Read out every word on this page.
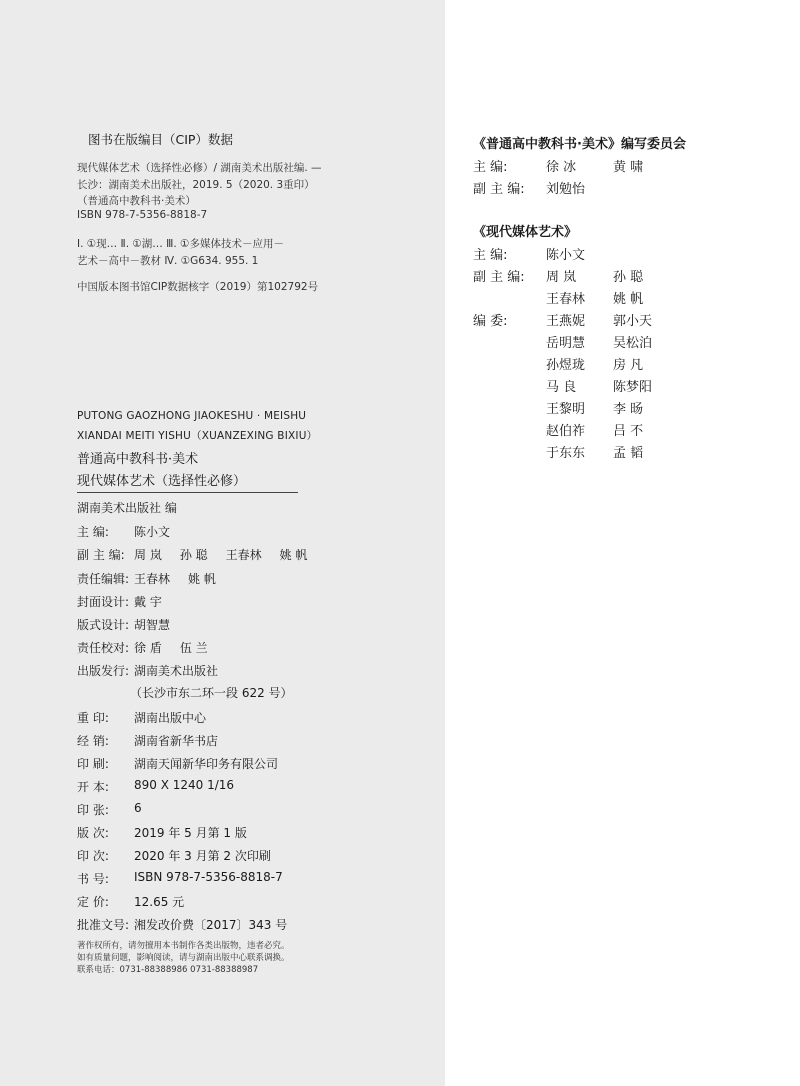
图书在版编目（CIP）数据
现代媒体艺术（选择性必修）/ 湖南美术出版社编. —
长沙：湖南美术出版社，2019. 5（2020. 3重印）
（普通高中教科书·美术）
ISBN 978-7-5356-8818-7
Ⅰ. ①现… Ⅱ. ①湖… Ⅲ. ①多媒体技术－应用－
艺术－高中－教材 Ⅳ. ①G634. 955. 1
中国版本图书馆CIP数据核字（2019）第102792号
PUTONG GAOZHONG JIAOKESHU · MEISHU
XIANDAI MEITI YISHU（XUANZEXING BIXIU）
普通高中教科书·美术
现代媒体艺术（选择性必修）
湖南美术出版社 编
主 编: 陈小文
副 主 编: 周 岚 孙 聪 王春林 姚 帆
责任编辑: 王春林 姚 帆
封面设计: 戴 宇
版式设计: 胡智慧
责任校对: 徐 盾 伍 兰
出版发行: 湖南美术出版社
（长沙市东二环一段 622 号）
重 印: 湖南出版中心
经 销: 湖南省新华书店
印 刷: 湖南天闻新华印务有限公司
开 本: 890 X 1240 1/16
印 张: 6
版 次: 2019 年 5 月第 1 版
印 次: 2020 年 3 月第 2 次印刷
书 号: ISBN 978-7-5356-8818-7
定 价: 12.65 元
批准文号: 湘发改价费〔2017〕343 号
著作权所有，请勿擅用本书制作各类出版物，违者必究。
如有质量问题，影响阅读，请与湖南出版中心联系调换。
联系电话：0731-88388986 0731-88388987
《普通高中教科书·美术》编写委员会
主 编:	徐 冰	黄 啸
副 主 编: 刘勉怡
《现代媒体艺术》
主 编:	陈小文
副 主 编: 周 岚	孙 聪
王春林 姚 帆
编 委:	王燕妮 郭小天
岳明慧 吴松泊
孙煜珑 房 凡
马 良	陈梦阳
王黎明 李 旸
赵伯祚 吕 不
于东东 孟 韬
